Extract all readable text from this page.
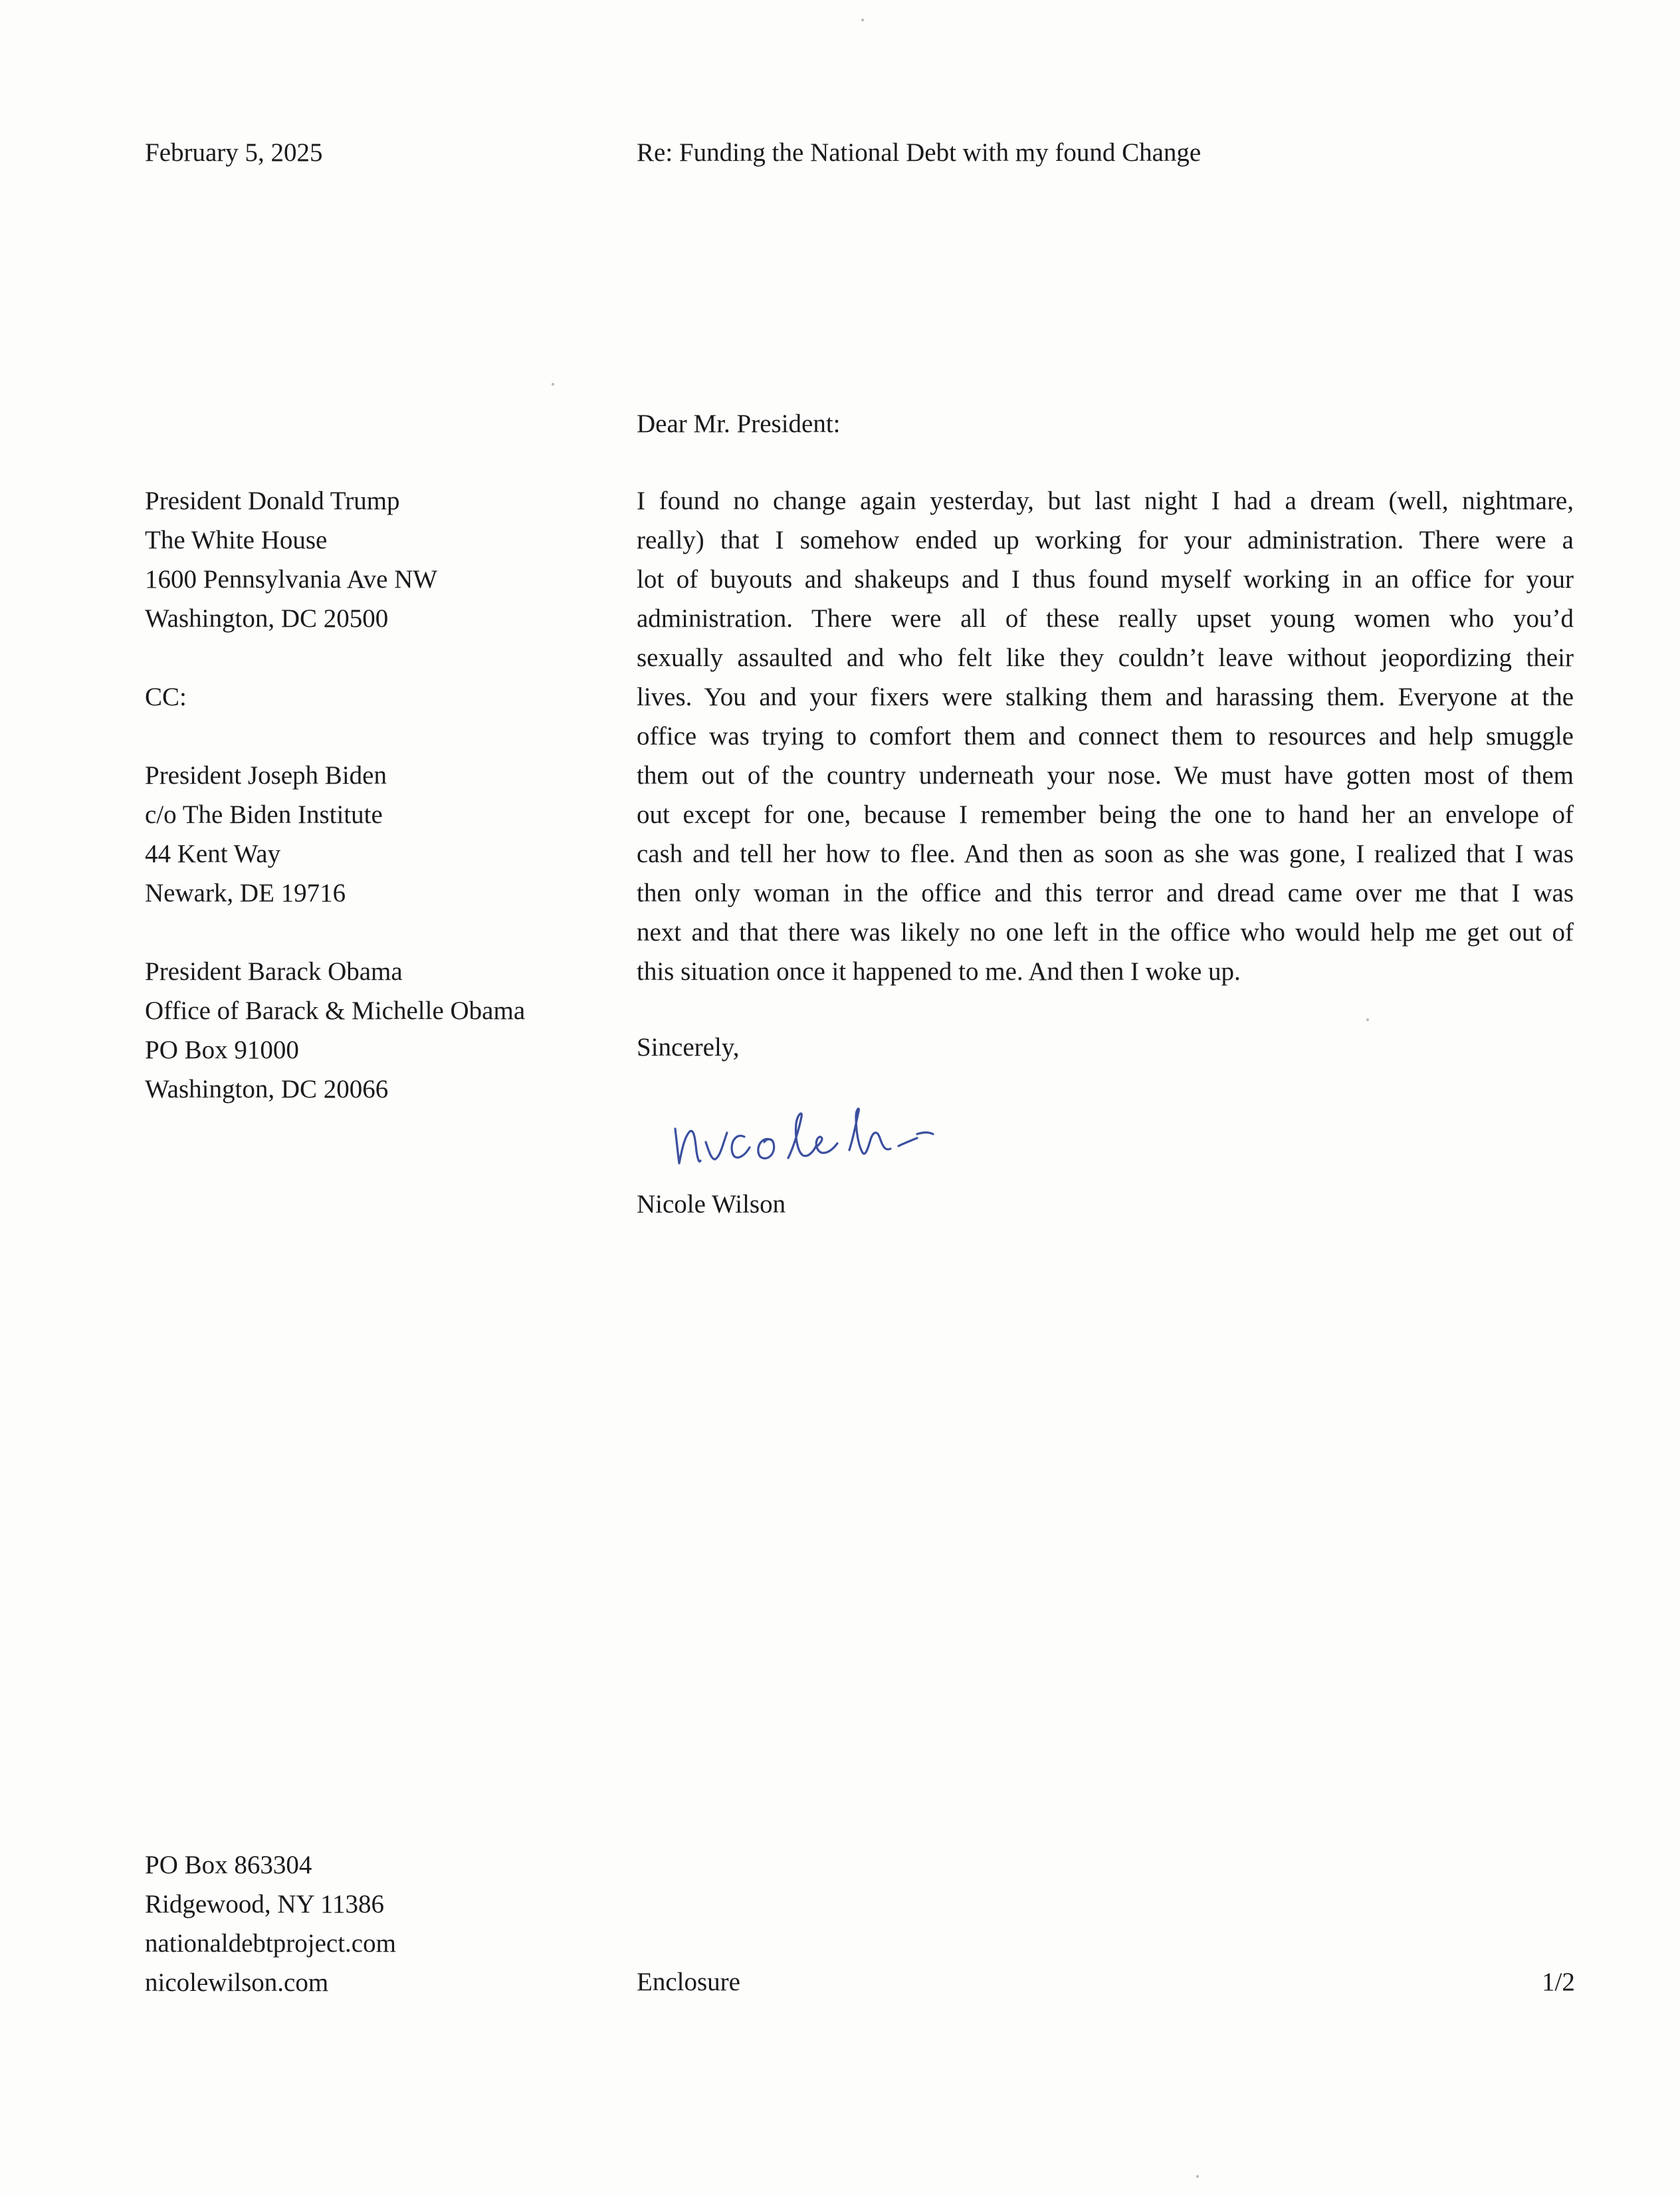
February 5, 2025	Re: Funding the National Debt with my found Change
Dear Mr. President:
President Donald Trump
The White House
1600 Pennsylvania Ave NW
Washington, DC 20500
CC:
President Joseph Biden
c/o The Biden Institute
44 Kent Way
Newark, DE 19716
President Barack Obama
Office of Barack & Michelle Obama
PO Box 91000
Washington, DC 20066
I found no change again yesterday, but last night I had a dream (well, nightmare,
really) that I somehow ended up working for your administration. There were a
lot of buyouts and shakeups and I thus found myself working in an office for your
administration. There were all of these really upset young women who you’d
sexually assaulted and who felt like they couldn’t leave without jeopordizing their
lives. You and your fixers were stalking them and harassing them. Everyone at the
office was trying to comfort them and connect them to resources and help smuggle
them out of the country underneath your nose. We must have gotten most of them
out except for one, because I remember being the one to hand her an envelope of
cash and tell her how to flee. And then as soon as she was gone, I realized that I was
then only woman in the office and this terror and dread came over me that I was
next and that there was likely no one left in the office who would help me get out of
this situation once it happened to me. And then I woke up.
Sincerely,
Nicole Wilson
PO Box 863304
Ridgewood, NY 11386
nationaldebtproject.com
nicolewilson.com	Enclosure	1/2
